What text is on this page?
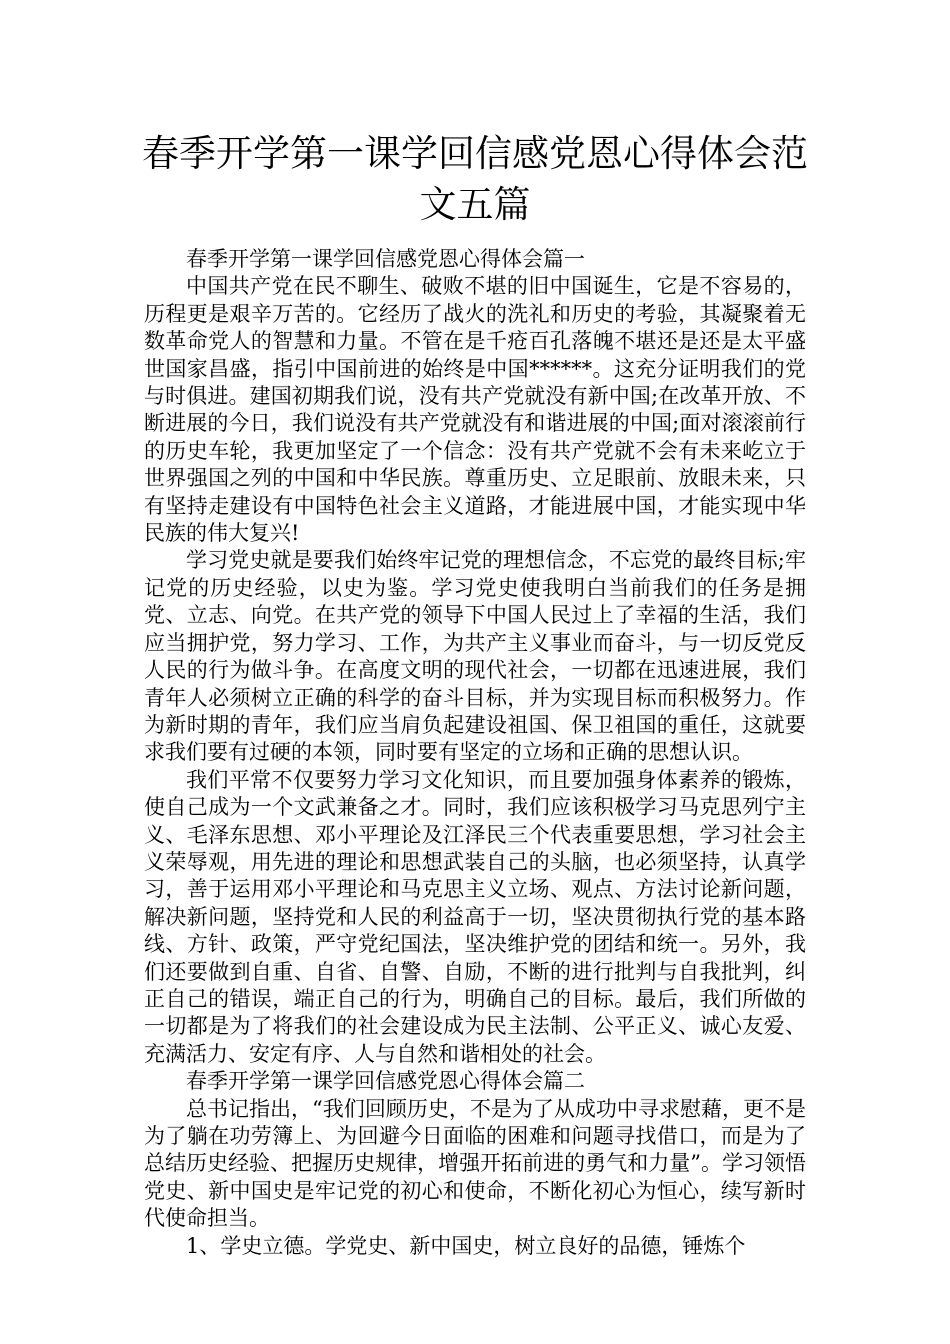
春季开学第一课学回信感党恩心得体会范
文五篇

春季开学第一课学回信感党恩心得体会篇一

中国共产党在民不聊生、破败不堪的旧中国诞生，它是不容易的，历程更是艰辛万苦的。它经历了战火的洗礼和历史的考验，其凝聚着无数革命党人的智慧和力量。不管在是千疮百孔落魄不堪还是还是太平盛世国家昌盛，指引中国前进的始终是中国******。这充分证明我们的党与时俱进。建国初期我们说，没有共产党就没有新中国;在改革开放、不断进展的今日，我们说没有共产党就没有和谐进展的中国;面对滚滚前行的历史车轮，我更加坚定了一个信念：没有共产党就不会有未来屹立于世界强国之列的中国和中华民族。尊重历史、立足眼前、放眼未来，只有坚持走建设有中国特色社会主义道路，才能进展中国，才能实现中华民族的伟大复兴!

学习党史就是要我们始终牢记党的理想信念，不忘党的最终目标;牢记党的历史经验，以史为鉴。学习党史使我明白当前我们的任务是拥党、立志、向党。在共产党的领导下中国人民过上了幸福的生活，我们应当拥护党，努力学习、工作，为共产主义事业而奋斗，与一切反党反人民的行为做斗争。在高度文明的现代社会，一切都在迅速进展，我们青年人必须树立正确的科学的奋斗目标，并为实现目标而积极努力。作为新时期的青年，我们应当肩负起建设祖国、保卫祖国的重任，这就要求我们要有过硬的本领，同时要有坚定的立场和正确的思想认识。

我们平常不仅要努力学习文化知识，而且要加强身体素养的锻炼，使自己成为一个文武兼备之才。同时，我们应该积极学习马克思列宁主义、毛泽东思想、邓小平理论及江泽民三个代表重要思想，学习社会主义荣辱观，用先进的理论和思想武装自己的头脑，也必须坚持，认真学习，善于运用邓小平理论和马克思主义立场、观点、方法讨论新问题，解决新问题，坚持党和人民的利益高于一切，坚决贯彻执行党的基本路线、方针、政策，严守党纪国法，坚决维护党的团结和统一。另外，我们还要做到自重、自省、自警、自励，不断的进行批判与自我批判，纠正自己的错误，端正自己的行为，明确自己的目标。最后，我们所做的一切都是为了将我们的社会建设成为民主法制、公平正义、诚心友爱、充满活力、安定有序、人与自然和谐相处的社会。

春季开学第一课学回信感党恩心得体会篇二

总书记指出，“我们回顾历史，不是为了从成功中寻求慰藉，更不是为了躺在功劳簿上、为回避今日面临的困难和问题寻找借口，而是为了总结历史经验、把握历史规律，增强开拓前进的勇气和力量”。学习领悟党史、新中国史是牢记党的初心和使命，不断化初心为恒心，续写新时代使命担当。

1、学史立德。学党史、新中国史，树立良好的品德，锤炼个
